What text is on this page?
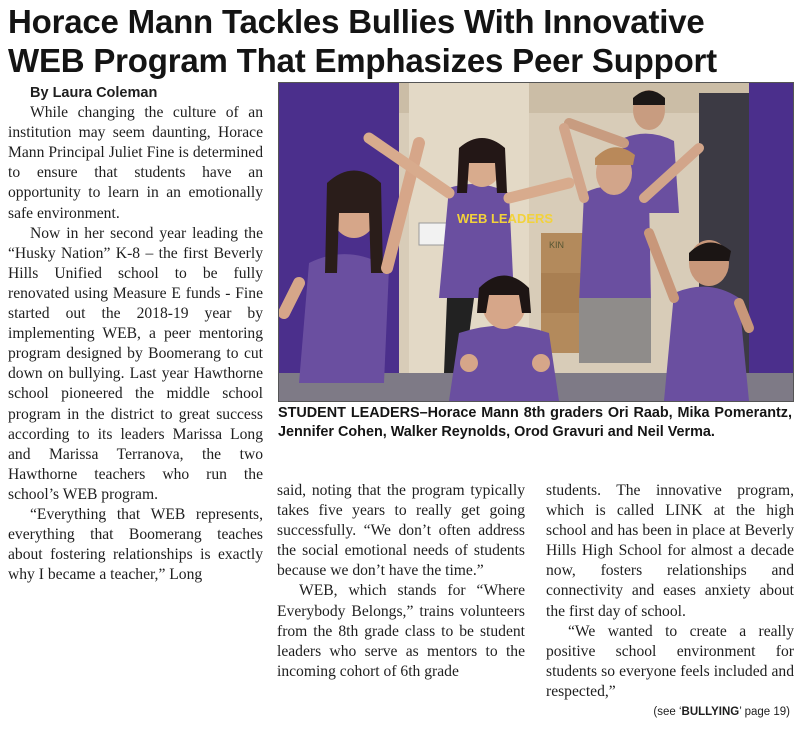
Horace Mann Tackles Bullies With Innovative
WEB Program That Emphasizes Peer Support

By Laura Coleman

While changing the culture of an institution may seem daunting, Horace Mann Principal Juliet Fine is determined to ensure that students have an opportunity to learn in an emotionally safe environment.

Now in her second year leading the “Husky Nation” K-8 – the first Beverly Hills Unified school to be fully renovated using Measure E funds - Fine started out the 2018-19 year by implementing WEB, a peer mentoring program designed by Boomerang to cut down on bullying. Last year Hawthorne school pioneered the middle school program in the district to great success according to its leaders Marissa Long and Marissa Terranova, the two Hawthorne teachers who run the school’s WEB program.

“Everything that WEB represents, everything that Boomerang teaches about fostering relationships is exactly why I became a teacher,” Long

KIN
WEB LEADERS
STUDENT LEADERS–Horace Mann 8th graders Ori Raab, Mika Pomerantz, Jennifer Cohen, Walker Reynolds, Orod Gravuri and Neil Verma.

said, noting that the program typically takes five years to really get going successfully. “We don’t often address the social emotional needs of students because we don’t have the time.”

WEB, which stands for “Where Everybody Belongs,” trains volunteers from the 8th grade class to be student leaders who serve as mentors to the incoming cohort of 6th grade

students. The innovative program, which is called LINK at the high school and has been in place at Beverly Hills High School for almost a decade now, fosters relationships and connectivity and eases anxiety about the first day of school.

“We wanted to create a really positive school environment for students so everyone feels included and respected,”

(see ‘BULLYING’ page 19)
